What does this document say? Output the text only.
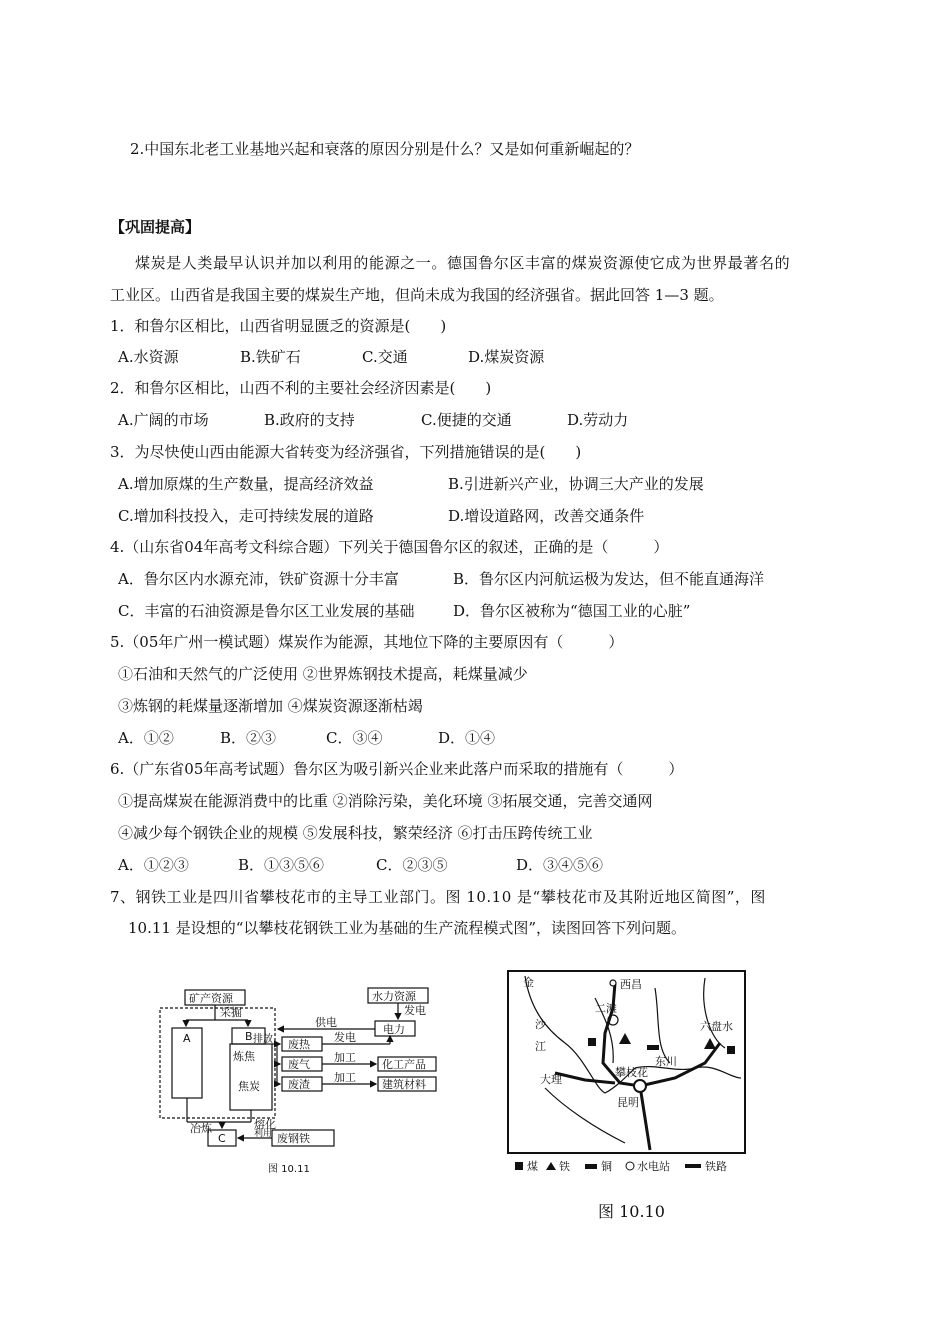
2.中国东北老工业基地兴起和衰落的原因分别是什么？又是如何重新崛起的？
【巩固提高】
煤炭是人类最早认识并加以利用的能源之一。德国鲁尔区丰富的煤炭资源使它成为世界最著名的
工业区。山西省是我国主要的煤炭生产地，但尚未成为我国的经济强省。据此回答 1—3 题。
1．和鲁尔区相比，山西省明显匮乏的资源是(　　)
A.水资源	B.铁矿石	C.交通	D.煤炭资源
2．和鲁尔区相比，山西不利的主要社会经济因素是(　　)
A.广阔的市场	B.政府的支持	C.便捷的交通	D.劳动力
3．为尽快使山西由能源大省转变为经济强省，下列措施错误的是(　　)
A.增加原煤的生产数量，提高经济效益	B.引进新兴产业，协调三大产业的发展
C.增加科技投入，走可持续发展的道路	D.增设道路网，改善交通条件
4.（山东省04年高考文科综合题）下列关于德国鲁尔区的叙述，正确的是（　　　）
A．鲁尔区内水源充沛，铁矿资源十分丰富	B．鲁尔区内河航运极为发达，但不能直通海洋
C．丰富的石油资源是鲁尔区工业发展的基础	D．鲁尔区被称为“德国工业的心脏”
5.（05年广州一模试题）煤炭作为能源，其地位下降的主要原因有（　　　）
①石油和天然气的广泛使用 ②世界炼钢技术提高，耗煤量减少
③炼钢的耗煤量逐渐增加 ④煤炭资源逐渐枯竭
A．①②	B．②③	C．③④	D．①④
6.（广东省05年高考试题）鲁尔区为吸引新兴企业来此落户而采取的措施有（　　　）
①提高煤炭在能源消费中的比重 ②消除污染，美化环境 ③拓展交通，完善交通网
④减少每个钢铁企业的规模 ⑤发展科技，繁荣经济 ⑥打击压跨传统工业
A．①②③	B．①③⑤⑥	C．②③⑤	D．③④⑤⑥
7、钢铁工业是四川省攀枝花市的主导工业部门。图 10.10 是“攀枝花市及其附近地区简图”，图
10.11 是设想的“以攀枝花钢铁工业为基础的生产流程模式图”，读图回答下列问题。
矿产资源
采掘
水力资源
发电
电力
供电
A	B
炼焦
排放
焦炭
废热
废气
废渣
发电
加工
加工
化工产品
建筑材料
冶炼	熔化
利用
C	废钢铁
图 10.11
西昌
二滩
攀枝花
东川
六盘水
大理
昆明
金
沙
江
煤 铁	铜 水电站	铁路
图 10.10
